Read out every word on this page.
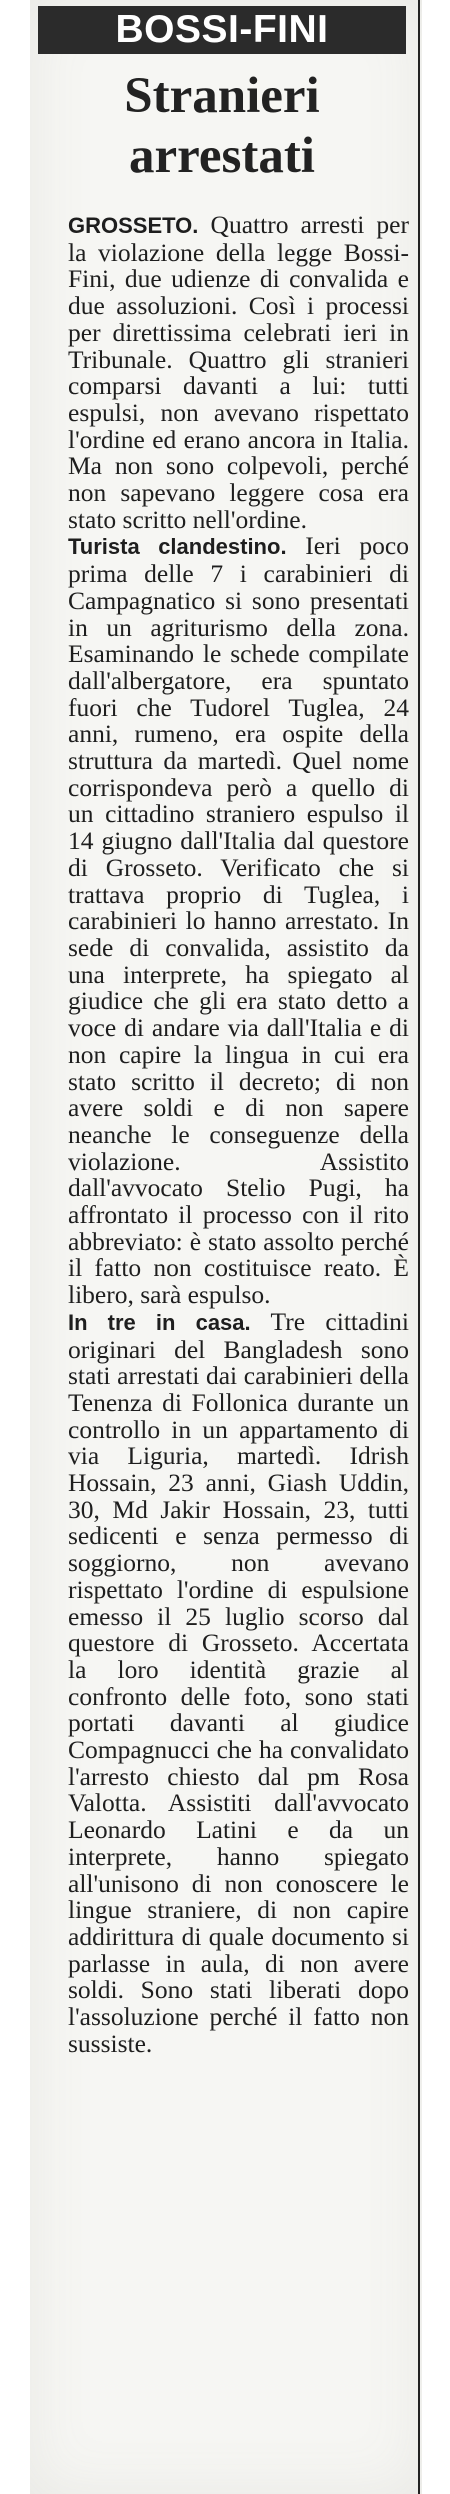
BOSSI-FINI
Stranieri
arrestati

GROSSETO. Quattro arresti per la violazione della legge Bossi-Fini, due udienze di convalida e due assoluzioni. Così i processi per direttissima celebrati ieri in Tribunale. Quattro gli stranieri comparsi davanti a lui: tutti espulsi, non avevano rispettato l'ordine ed erano ancora in Italia. Ma non sono colpevoli, perché non sapevano leggere cosa era stato scritto nell'ordine.

Turista clandestino. Ieri poco prima delle 7 i carabinieri di Campagnatico si sono presentati in un agriturismo della zona. Esaminando le schede compilate dall'albergatore, era spuntato fuori che Tudorel Tuglea, 24 anni, rumeno, era ospite della struttura da martedì. Quel nome corrispondeva però a quello di un cittadino straniero espulso il 14 giugno dall'Italia dal questore di Grosseto. Verificato che si trattava proprio di Tuglea, i carabinieri lo hanno arrestato. In sede di convalida, assistito da una interprete, ha spiegato al giudice che gli era stato detto a voce di andare via dall'Italia e di non capire la lingua in cui era stato scritto il decreto; di non avere soldi e di non sapere neanche le conseguenze della violazione. Assistito dall'avvocato Stelio Pugi, ha affrontato il processo con il rito abbreviato: è stato assolto perché il fatto non costituisce reato. È libero, sarà espulso.

In tre in casa. Tre cittadini originari del Bangladesh sono stati arrestati dai carabinieri della Tenenza di Follonica durante un controllo in un appartamento di via Liguria, martedì. Idrish Hossain, 23 anni, Giash Uddin, 30, Md Jakir Hossain, 23, tutti sedicenti e senza permesso di soggiorno, non avevano rispettato l'ordine di espulsione emesso il 25 luglio scorso dal questore di Grosseto. Accertata la loro identità grazie al confronto delle foto, sono stati portati davanti al giudice Compagnucci che ha convalidato l'arresto chiesto dal pm Rosa Valotta. Assistiti dall'avvocato Leonardo Latini e da un interprete, hanno spiegato all'unisono di non conoscere le lingue straniere, di non capire addirittura di quale documento si parlasse in aula, di non avere soldi. Sono stati liberati dopo l'assoluzione perché il fatto non sussiste.
